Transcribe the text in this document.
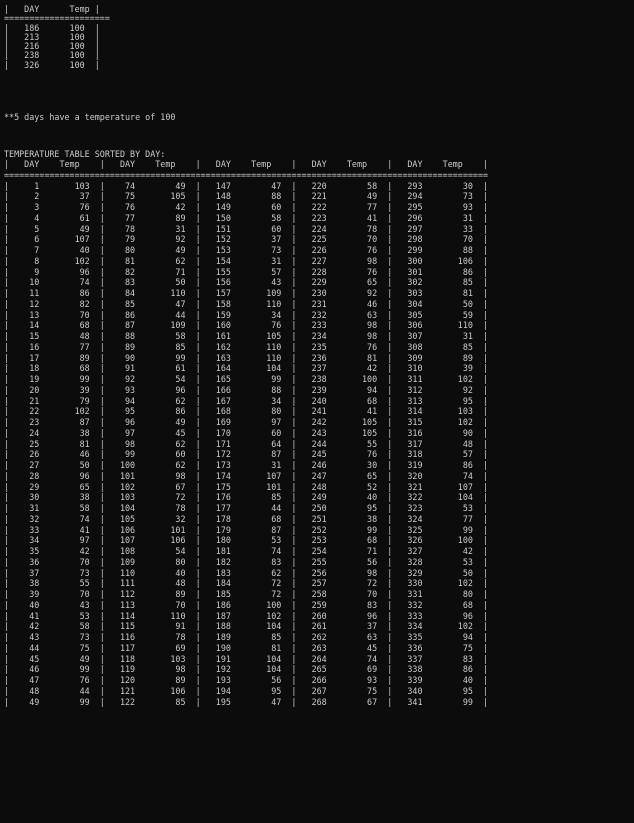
|   DAY      Temp |
=====================
|   186      100  |
|   213      100  |
|   216      100  |
|   238      100  |
|   326      100  |

**5 days have a temperature of 100
TEMPERATURE TABLE SORTED BY DAY:
|   DAY    Temp    |   DAY    Temp    |   DAY    Temp    |   DAY    Temp    |   DAY    Temp    |
================================================================================================
|     1       103  |    74        49  |   147        47  |   220        58  |   293        30  |
|     2        37  |    75       105  |   148        88  |   221        49  |   294        73  |
|     3        76  |    76        42  |   149        60  |   222        77  |   295        93  |
|     4        61  |    77        89  |   150        58  |   223        41  |   296        31  |
|     5        49  |    78        31  |   151        60  |   224        78  |   297        33  |
|     6       107  |    79        92  |   152        37  |   225        70  |   298        70  |
|     7        40  |    80        49  |   153        73  |   226        76  |   299        88  |
|     8       102  |    81        62  |   154        31  |   227        98  |   300       106  |
|     9        96  |    82        71  |   155        57  |   228        76  |   301        86  |
|    10        74  |    83        50  |   156        43  |   229        65  |   302        85  |
|    11        86  |    84       110  |   157       109  |   230        92  |   303        81  |
|    12        82  |    85        47  |   158       110  |   231        46  |   304        50  |
|    13        70  |    86        44  |   159        34  |   232        63  |   305        59  |
|    14        68  |    87       109  |   160        76  |   233        98  |   306       110  |
|    15        48  |    88        58  |   161       105  |   234        98  |   307        31  |
|    16        77  |    89        85  |   162       110  |   235        76  |   308        85  |
|    17        89  |    90        99  |   163       110  |   236        81  |   309        89  |
|    18        68  |    91        61  |   164       104  |   237        42  |   310        39  |
|    19        99  |    92        54  |   165        99  |   238       100  |   311       102  |
|    20        39  |    93        96  |   166        88  |   239        94  |   312        92  |
|    21        79  |    94        62  |   167        34  |   240        68  |   313        95  |
|    22       102  |    95        86  |   168        80  |   241        41  |   314       103  |
|    23        87  |    96        49  |   169        97  |   242       105  |   315       102  |
|    24        38  |    97        45  |   170        60  |   243       105  |   316        90  |
|    25        81  |    98        62  |   171        64  |   244        55  |   317        48  |
|    26        46  |    99        60  |   172        87  |   245        76  |   318        57  |
|    27        50  |   100        62  |   173        31  |   246        30  |   319        86  |
|    28        96  |   101        98  |   174       107  |   247        65  |   320        74  |
|    29        65  |   102        67  |   175       101  |   248        52  |   321       107  |
|    30        38  |   103        72  |   176        85  |   249        40  |   322       104  |
|    31        58  |   104        78  |   177        44  |   250        95  |   323        53  |
|    32        74  |   105        32  |   178        68  |   251        38  |   324        77  |
|    33        41  |   106       101  |   179        87  |   252        99  |   325        99  |
|    34        97  |   107       106  |   180        53  |   253        68  |   326       100  |
|    35        42  |   108        54  |   181        74  |   254        71  |   327        42  |
|    36        70  |   109        80  |   182        83  |   255        56  |   328        53  |
|    37        73  |   110        40  |   183        62  |   256        98  |   329        50  |
|    38        55  |   111        48  |   184        72  |   257        72  |   330       102  |
|    39        70  |   112        89  |   185        72  |   258        70  |   331        80  |
|    40        43  |   113        70  |   186       100  |   259        83  |   332        68  |
|    41        53  |   114       110  |   187       102  |   260        96  |   333        96  |
|    42        58  |   115        91  |   188       104  |   261        37  |   334       102  |
|    43        73  |   116        78  |   189        85  |   262        63  |   335        94  |
|    44        75  |   117        69  |   190        81  |   263        45  |   336        75  |
|    45        49  |   118       103  |   191       104  |   264        74  |   337        83  |
|    46        99  |   119        98  |   192       104  |   265        69  |   338        86  |
|    47        76  |   120        89  |   193        56  |   266        93  |   339        40  |
|    48        44  |   121       106  |   194        95  |   267        75  |   340        95  |
|    49        99  |   122        85  |   195        47  |   268        67  |   341        99  |
